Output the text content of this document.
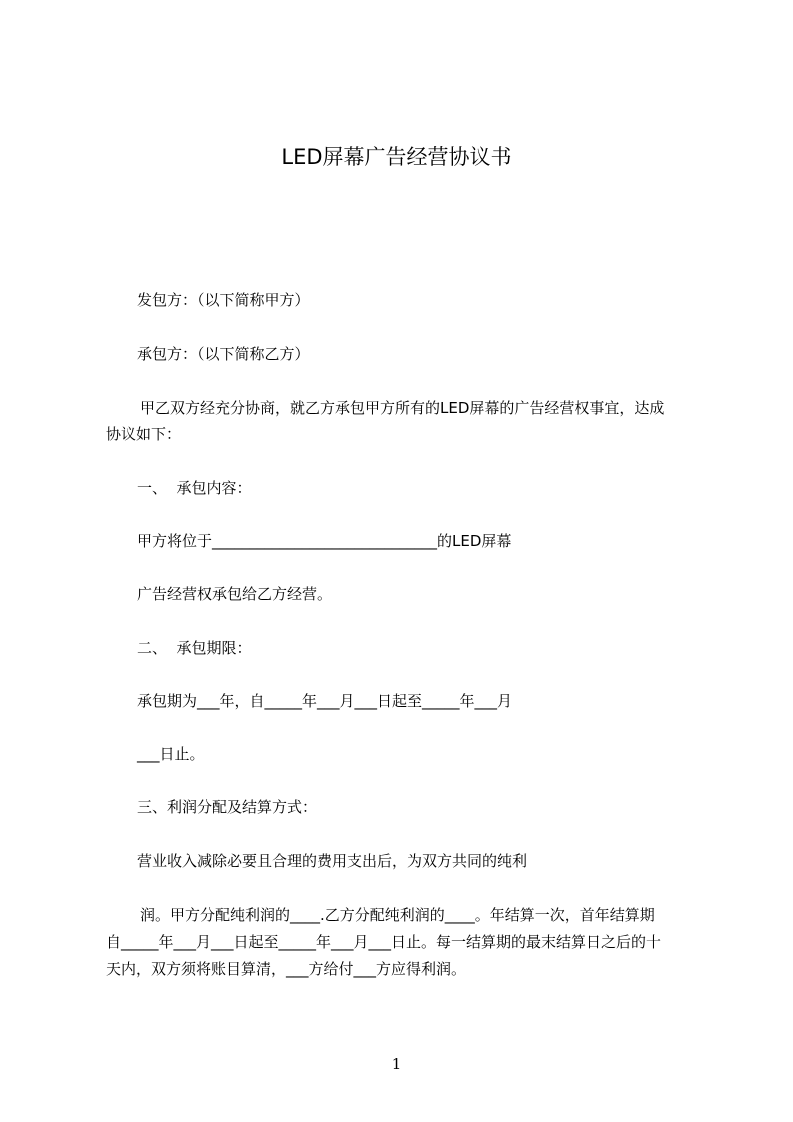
LED屏幕广告经营协议书
发包方：（以下简称甲方）
承包方：（以下简称乙方）
甲乙双方经充分协商，就乙方承包甲方所有的LED屏幕的广告经营权事宜，达成
协议如下：
一、  承包内容：
甲方将位于______________________________的LED屏幕
广告经营权承包给乙方经营。
二、  承包期限：
承包期为___年，自_____年___月___日起至_____年___月
___日止。
三、利润分配及结算方式：
营业收入减除必要且合理的费用支出后，为双方共同的纯利
润。甲方分配纯利润的____.乙方分配纯利润的____。年结算一次，首年结算期
自_____年___月___日起至_____年___月___日止。每一结算期的最末结算日之后的十
天内，双方须将账目算清，___方给付___方应得利润。
1
